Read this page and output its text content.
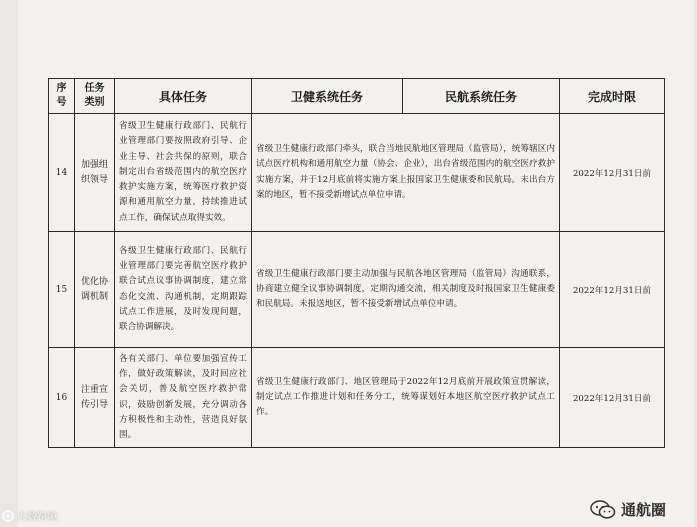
序号	任务类别	具体任务	卫健系统任务	民航系统任务	完成时限
14	加强组织领导	省级卫生健康行政部门、民航行业管理部门要按照政府引导、企业主导、社会共保的原则，联合制定出台省级范围内的航空医疗救护实施方案，统筹医疗救护资源和通用航空力量，持续推进试点工作，确保试点取得实效。	省级卫生健康行政部门牵头，联合当地民航地区管理局（监管局），统筹辖区内试点医疗机构和通用航空力量（协会、企业），出台省级范围内的航空医疗救护实施方案，并于12月底前将实施方案上报国家卫生健康委和民航局。未出台方案的地区，暂不接受新增试点单位申请。		2022年12月31日前
15	优化协调机制	各级卫生健康行政部门、民航行业管理部门要完善航空医疗救护联合试点议事协调制度，建立常态化交流、沟通机制，定期跟踪试点工作进展，及时发现问题，联合协调解决。	省级卫生健康行政部门要主动加强与民航各地区管理局（监管局）沟通联系，协商建立健全议事协调制度，定期沟通交流，相关制度及时报国家卫生健康委和民航局。未报送地区，暂不接受新增试点单位申请。		2022年12月31日前
16	注重宣传引导	各有关部门、单位要加强宣传工作，做好政策解读，及时回应社会关切，普及航空医疗救护常识，鼓励创新发展，充分调动各方积极性和主动性，营造良好氛围。	省级卫生健康行政部门、地区管理局于2022年12月底前开展政策宣贯解读，制定试点工作推进计划和任务分工，统筹谋划好本地区航空医疗救护试点工作。		2022年12月31日前
大数跨境	通航圈
